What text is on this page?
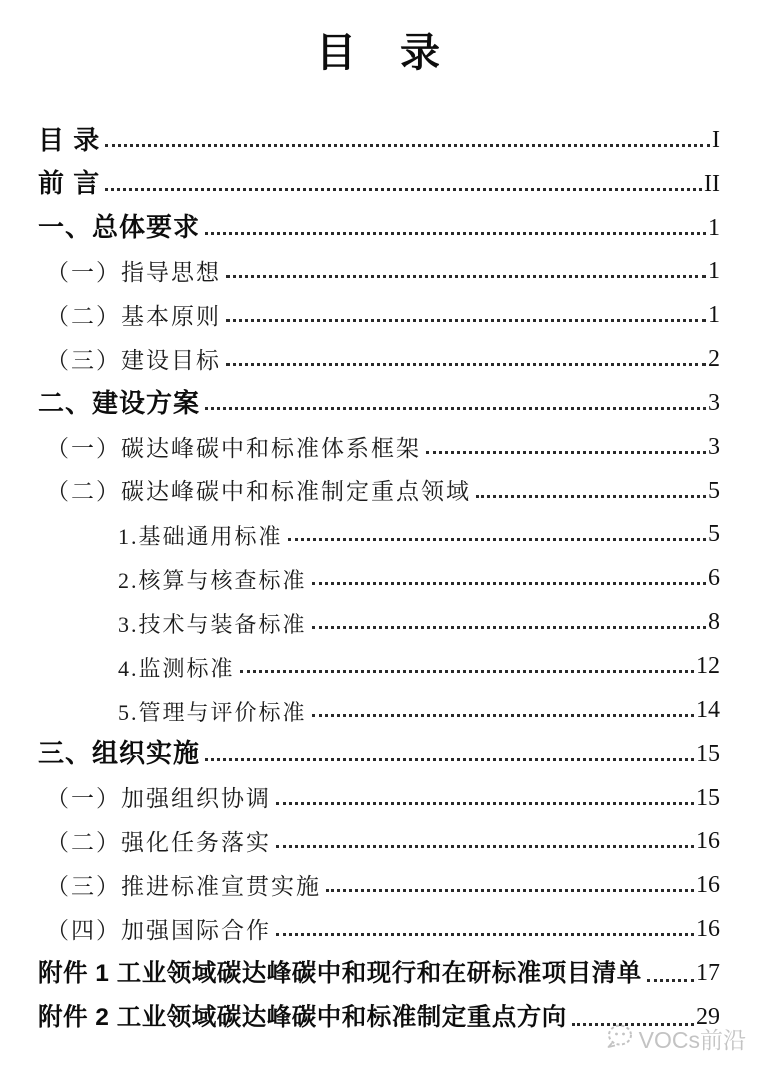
目　录
目 录	I
前 言	II
一、总体要求	1
（一）指导思想	1
（二）基本原则	1
（三）建设目标	2
二、建设方案	3
（一）碳达峰碳中和标准体系框架	3
（二）碳达峰碳中和标准制定重点领域	5
1.基础通用标准	5
2.核算与核查标准	6
3.技术与装备标准	8
4.监测标准	12
5.管理与评价标准	14
三、组织实施	15
（一）加强组织协调	15
（二）强化任务落实	16
（三）推进标准宣贯实施	16
（四）加强国际合作	16
附件 1 工业领域碳达峰碳中和现行和在研标准项目清单 17
附件 2 工业领域碳达峰碳中和标准制定重点方向	29
VOCs前沿
